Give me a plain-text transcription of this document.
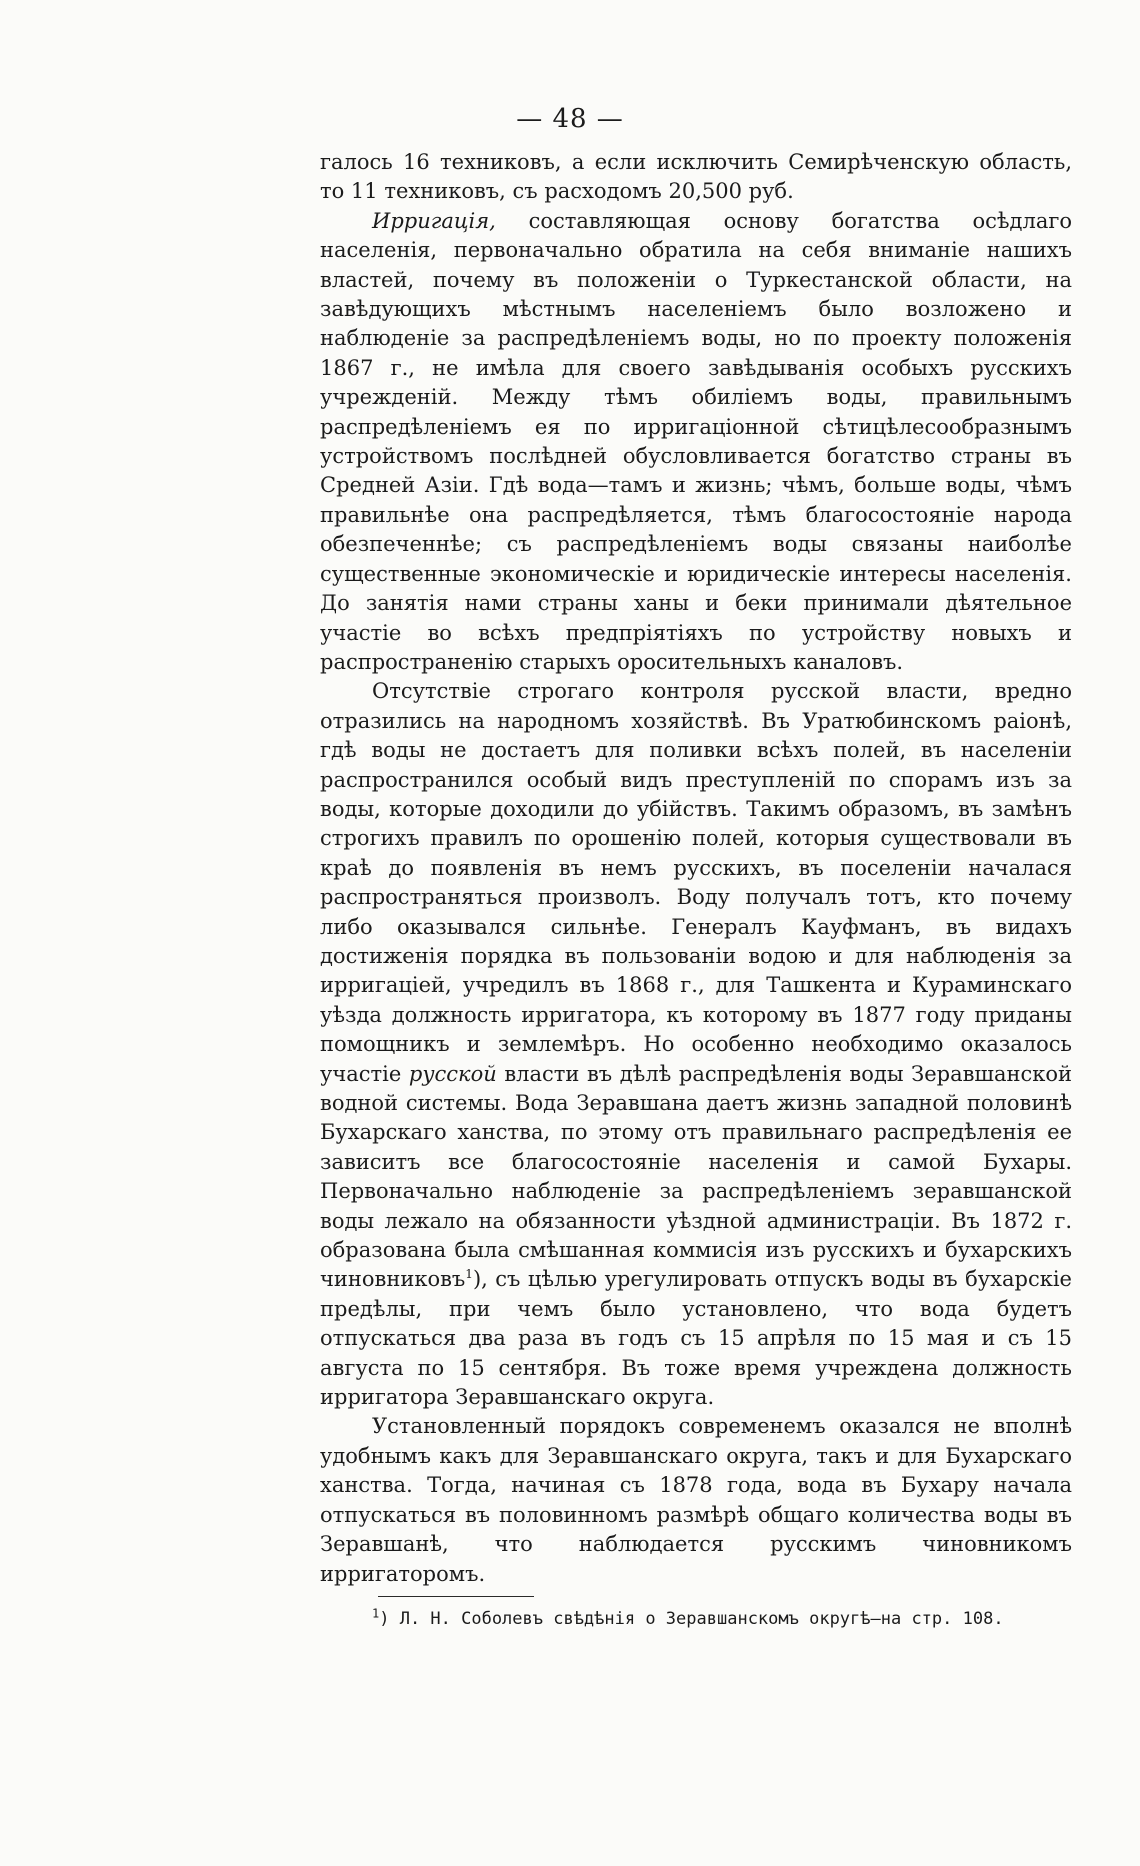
— 48 —

галось 16 техниковъ, а если исключить Семирѣченскую область, то 11 техниковъ, съ расходомъ 20,500 руб.

Ирригація, составляющая основу богатства осѣдлаго населенія, первоначально обратила на себя вниманіе нашихъ властей, почему въ положеніи о Туркестанской области, на завѣдующихъ мѣстнымъ населеніемъ было возложено и наблюденіе за распредѣленіемъ воды, но по проекту положенія 1867 г., не имѣла для своего завѣдыванія особыхъ русскихъ учрежденій. Между тѣмъ обиліемъ воды, правильнымъ распредѣленіемъ ея по ирригаціонной сѣтицѣлесообразнымъ устройствомъ послѣдней обусловливается богатство страны въ Средней Азіи. Гдѣ вода—тамъ и жизнь; чѣмъ, больше воды, чѣмъ правильнѣе она распредѣляется, тѣмъ благосостояніе народа обезпеченнѣе; съ распредѣленіемъ воды связаны наиболѣе существенные экономическіе и юридическіе интересы населенія. До занятія нами страны ханы и беки принимали дѣятельное участіе во всѣхъ предпріятіяхъ по устройству новыхъ и распространенію старыхъ оросительныхъ каналовъ.

Отсутствіе строгаго контроля русской власти, вредно отразились на народномъ хозяйствѣ. Въ Уратюбинскомъ раіонѣ, гдѣ воды не достаетъ для поливки всѣхъ полей, въ населеніи распространился особый видъ преступленій по спорамъ изъ за воды, которые доходили до убійствъ. Такимъ образомъ, въ замѣнъ строгихъ правилъ по орошенію полей, которыя существовали въ краѣ до появленія въ немъ русскихъ, въ поселеніи началася распространяться произволъ. Воду получалъ тотъ, кто почему либо оказывался сильнѣе. Генералъ Кауфманъ, въ видахъ достиженія порядка въ пользованіи водою и для наблюденія за ирригаціей, учредилъ въ 1868 г., для Ташкента и Кураминскаго уѣзда должность ирригатора, къ которому въ 1877 году приданы помощникъ и землемѣръ. Но особенно необходимо оказалось участіе русской власти въ дѣлѣ распредѣленія воды Зеравшанской водной системы. Вода Зеравшана даетъ жизнь западной половинѣ Бухарскаго ханства, по этому отъ правильнаго распредѣленія ее зависитъ все благосостояніе населенія и самой Бухары. Первоначально наблюденіе за распредѣленіемъ зеравшанской воды лежало на обязанности уѣздной администраціи. Въ 1872 г. образована была смѣшанная коммисія изъ русскихъ и бухарскихъ чиновниковъ$^1$), съ цѣлью урегулировать отпускъ воды въ бухарскіе предѣлы, при чемъ было установлено, что вода будетъ отпускаться два раза въ годъ съ 15 апрѣля по 15 мая и съ 15 августа по 15 сентября. Въ тоже время учреждена должность ирригатора Зеравшанскаго округа.

Установленный порядокъ современемъ оказался не вполнѣ удобнымъ какъ для Зеравшанскаго округа, такъ и для Бухарскаго ханства. Тогда, начиная съ 1878 года, вода въ Бухару начала отпускаться въ половинномъ размѣрѣ общаго количества воды въ Зеравшанѣ, что наблюдается русскимъ чиновникомъ ирригаторомъ.

$^1$) Л. Н. Соболевъ свѣдѣнія о Зеравшанскомъ округѣ—на стр. 108.
